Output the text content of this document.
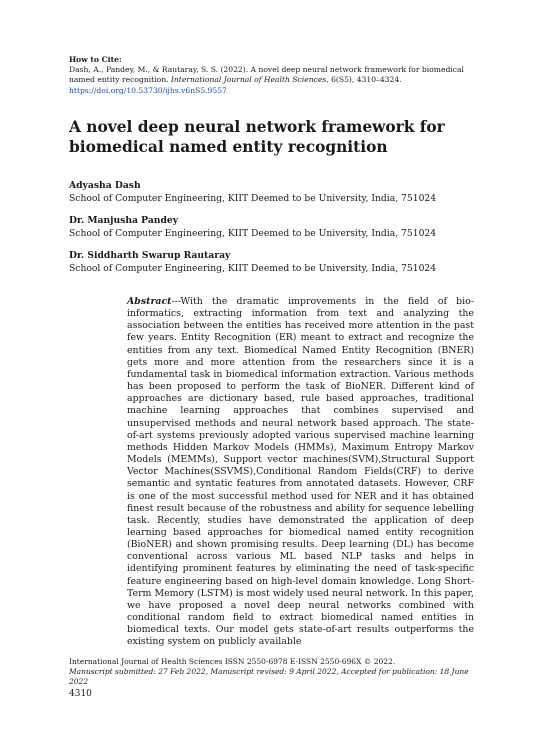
How to Cite:
Dash, A., Pandey, M., & Rautaray, S. S. (2022). A novel deep neural network framework for biomedical named entity recognition. International Journal of Health Sciences, 6(S5), 4310–4324.
https://doi.org/10.53730/ijhs.v6nS5.9557
A novel deep neural network framework for biomedical named entity recognition
Adyasha Dash
School of Computer Engineering, KIIT Deemed to be University, India, 751024
Dr. Manjusha Pandey
School of Computer Engineering, KIIT Deemed to be University, India, 751024
Dr. Siddharth Swarup Rautaray
School of Computer Engineering, KIIT Deemed to be University, India, 751024

Abstract---With the dramatic improvements in the field of bio-informatics, extracting information from text and analyzing the association between the entities has received more attention in the past few years. Entity Recognition (ER) meant to extract and recognize the entities from any text. Biomedical Named Entity Recognition (BNER) gets more and more attention from the researchers since it is a fundamental task in biomedical information extraction. Various methods has been proposed to perform the task of BioNER. Different kind of approaches are dictionary based, rule based approaches, traditional machine learning approaches that combines supervised and unsupervised methods and neural network based approach. The state-of-art systems previously adopted various supervised machine learning methods Hidden Markov Models (HMMs), Maximum Entropy Markov Models (MEMMs), Support vector machines(SVM),Structural Support Vector Machines(SSVMS),Conditional Random Fields(CRF) to derive semantic and syntatic features from annotated datasets. However, CRF is one of the most successful method used for NER and it has obtained finest result because of the robustness and ability for sequence lebelling task. Recently, studies have demonstrated the application of deep learning based approaches for biomedical named entity recognition (BioNER) and shown promising results. Deep learning (DL) has become conventional across various ML based NLP tasks and helps in identifying prominent features by eliminating the need of task-specific feature engineering based on high-level domain knowledge. Long Short-Term Memory (LSTM) is most widely used neural network. In this paper, we have proposed a novel deep neural networks combined with conditional random field to extract biomedical named entities in biomedical texts. Our model gets state-of-art results outperforms the existing system on publicly available

International Journal of Health Sciences ISSN 2550-6978 E-ISSN 2550-696X © 2022.
Manuscript submitted: 27 Feb 2022, Manuscript revised: 9 April 2022, Accepted for publication: 18 June 2022
4310
